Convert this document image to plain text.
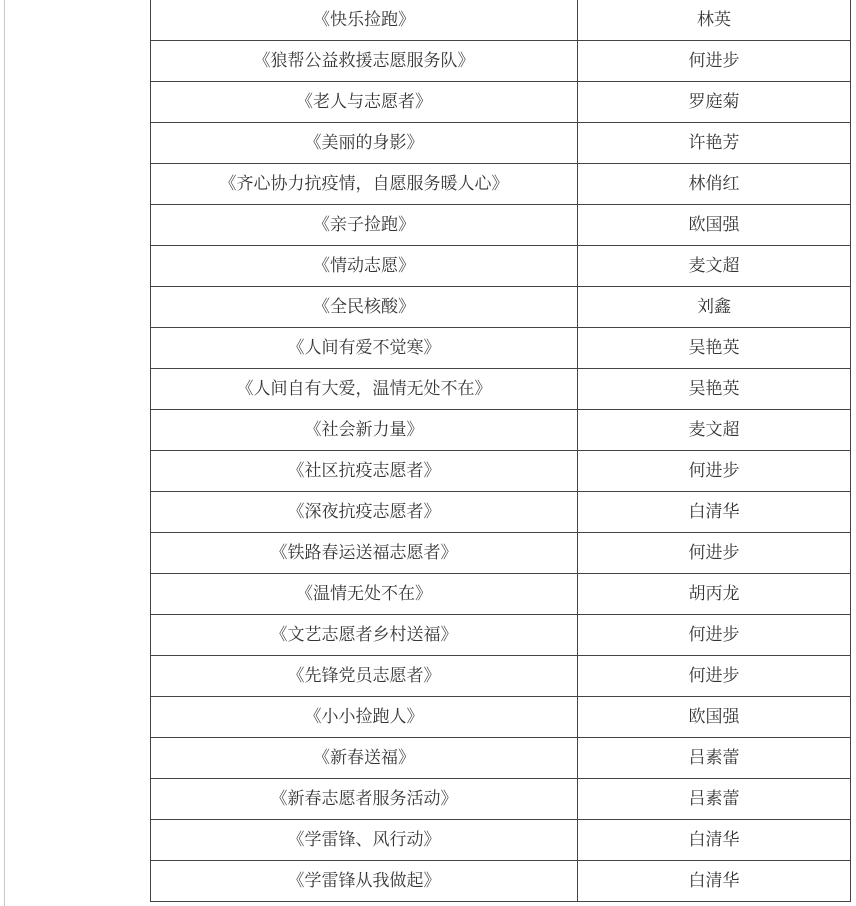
《快乐捡跑》	林英
《狼帮公益救援志愿服务队》	何进步
《老人与志愿者》	罗庭菊
《美丽的身影》	许艳芳
《齐心协力抗疫情，自愿服务暖人心》	林俏红
《亲子捡跑》	欧国强
《情动志愿》	麦文超
《全民核酸》	刘鑫
《人间有爱不觉寒》	吴艳英
《人间自有大爱，温情无处不在》	吴艳英
《社会新力量》	麦文超
《社区抗疫志愿者》	何进步
《深夜抗疫志愿者》	白清华
《铁路春运送福志愿者》	何进步
《温情无处不在》	胡丙龙
《文艺志愿者乡村送福》	何进步
《先锋党员志愿者》	何进步
《小小捡跑人》	欧国强
《新春送福》	吕素蕾
《新春志愿者服务活动》	吕素蕾
《学雷锋、风行动》	白清华
《学雷锋从我做起》	白清华
